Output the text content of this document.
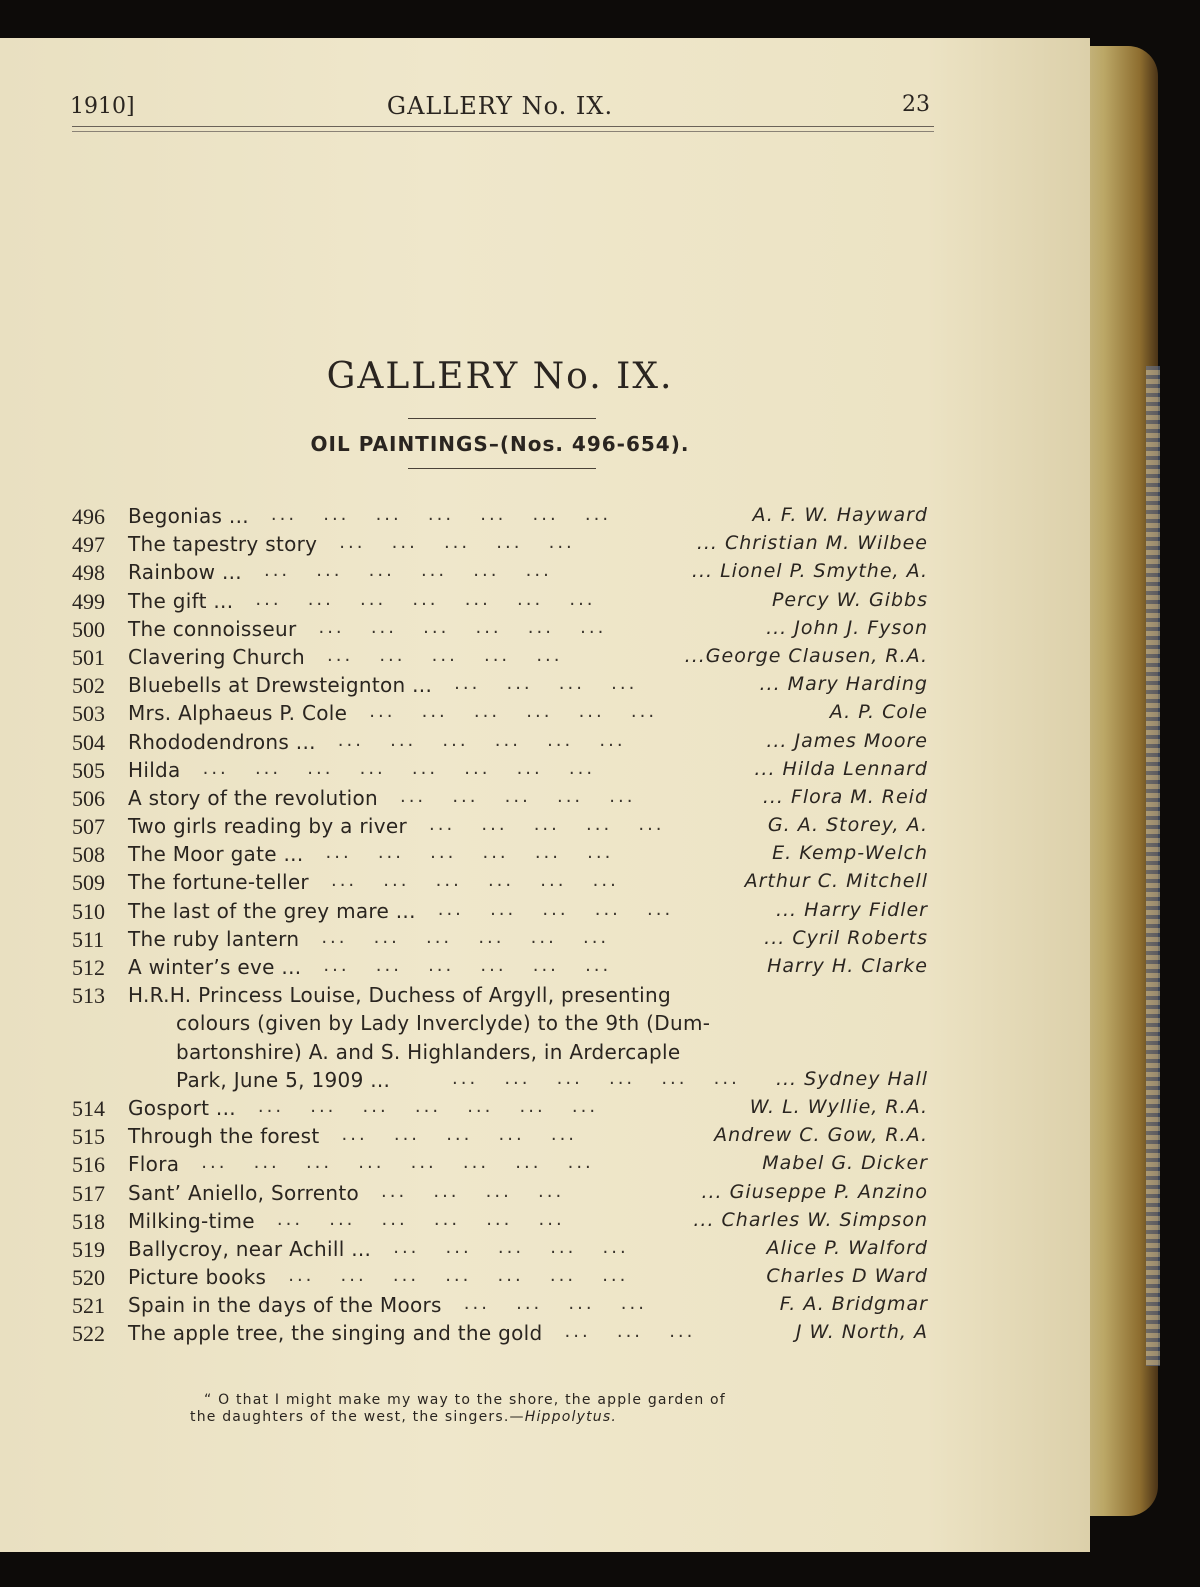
1910]	GALLERY No. IX.	23
GALLERY No. IX.
OIL PAINTINGS–(Nos. 496-654).
496	Begonias ... ...   ...   ...   ...   ...   ...   ...	A. F. W. Hayward
497	The tapestry story ...   ...   ...   ...   ...	... Christian M. Wilbee
498	Rainbow ... ...   ...   ...   ...   ...   ...	... Lionel P. Smythe, A.
499	The gift ... ...   ...   ...   ...   ...   ...   ...	Percy W. Gibbs
500	The connoisseur ...   ...   ...   ...   ...   ...	... John J. Fyson
501	Clavering Church ...   ...   ...   ...   ...	...George Clausen, R.A.
502	Bluebells at Drewsteignton ... ...   ...   ...   ...	... Mary Harding
503	Mrs. Alphaeus P. Cole ...   ...   ...   ...   ...   ...	A. P. Cole
504	Rhododendrons ... ...   ...   ...   ...   ...   ...	... James Moore
505	Hilda ...   ...   ...   ...   ...   ...   ...   ...	... Hilda Lennard
506	A story of the revolution ...   ...   ...   ...   ...	... Flora M. Reid
507	Two girls reading by a river ...   ...   ...   ...   ...	G. A. Storey, A.
508	The Moor gate ... ...   ...   ...   ...   ...   ...	E. Kemp-Welch
509	The fortune-teller ...   ...   ...   ...   ...   ...	Arthur C. Mitchell
510	The last of the grey mare ... ...   ...   ...   ...   ...	... Harry Fidler
511	The ruby lantern ...   ...   ...   ...   ...   ...	... Cyril Roberts
512	A winter’s eve ... ...   ...   ...   ...   ...   ...	Harry H. Clarke
513	H.R.H. Princess Louise, Duchess of Argyll, presenting
colours (given by Lady Inverclyde) to the 9th (Dum-
bartonshire) A. and S. Highlanders, in Ardercaple
Park, June 5, 1909 ...	...   ...   ...   ...   ...   ... ... Sydney Hall
514	Gosport ... ...   ...   ...   ...   ...   ...   ...	W. L. Wyllie, R.A.
515	Through the forest ...   ...   ...   ...   ...	Andrew C. Gow, R.A.
516	Flora ...   ...   ...   ...   ...   ...   ...   ...	Mabel G. Dicker
517	Sant’ Aniello, Sorrento ...   ...   ...   ...	... Giuseppe P. Anzino
518	Milking-time ...   ...   ...   ...   ...   ...	... Charles W. Simpson
519	Ballycroy, near Achill ... ...   ...   ...   ...   ...	Alice P. Walford
520	Picture books ...   ...   ...   ...   ...   ...   ...	Charles D Ward
521	Spain in the days of the Moors ...   ...   ...   ...	F. A. Bridgmar
522	The apple tree, the singing and the gold ...   ...   ...	J W. North, A
“ O that I might make my way to the shore, the apple garden of
the daughters of the west, the singers.—Hippolytus.
